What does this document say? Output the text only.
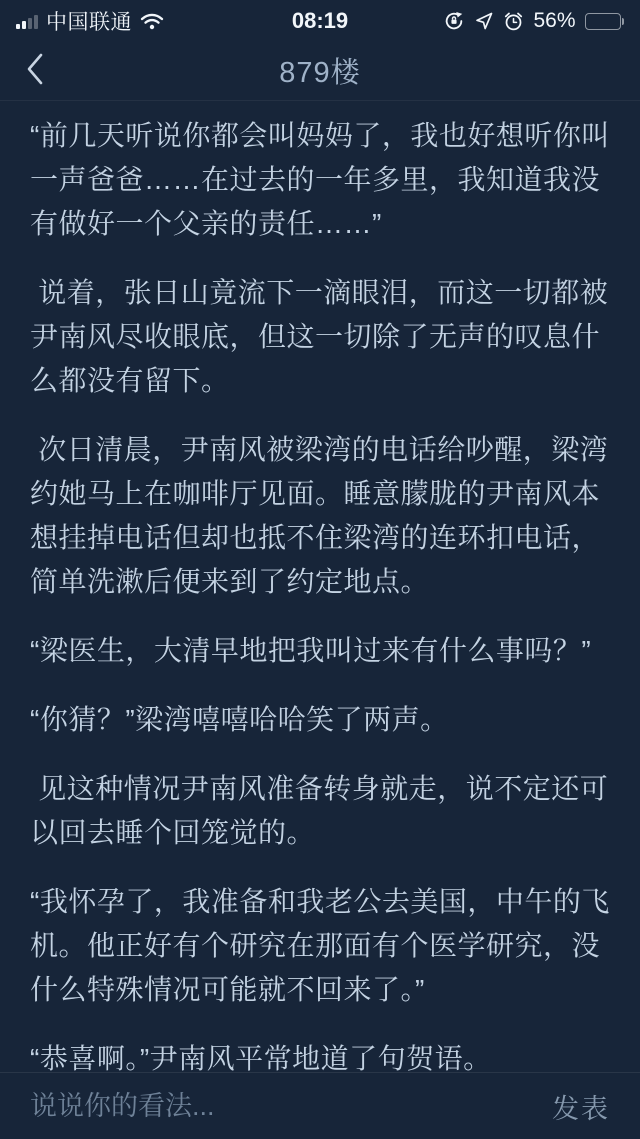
中国联通	08:19	56%
879楼

“前几天听说你都会叫妈妈了，我也好想听你叫一声爸爸……在过去的一年多里，我知道我没有做好一个父亲的责任……”

说着，张日山竟流下一滴眼泪，而这一切都被尹南风尽收眼底，但这一切除了无声的叹息什么都没有留下。

次日清晨，尹南风被梁湾的电话给吵醒，梁湾约她马上在咖啡厅见面。睡意朦胧的尹南风本想挂掉电话但却也抵不住梁湾的连环扣电话，简单洗漱后便来到了约定地点。

“梁医生，大清早地把我叫过来有什么事吗？”

“你猜？”梁湾嘻嘻哈哈笑了两声。

见这种情况尹南风准备转身就走，说不定还可以回去睡个回笼觉的。

“我怀孕了，我准备和我老公去美国，中午的飞机。他正好有个研究在那面有个医学研究，没什么特殊情况可能就不回来了。”

“恭喜啊。”尹南风平常地道了句贺语。

说说你的看法...
发表
